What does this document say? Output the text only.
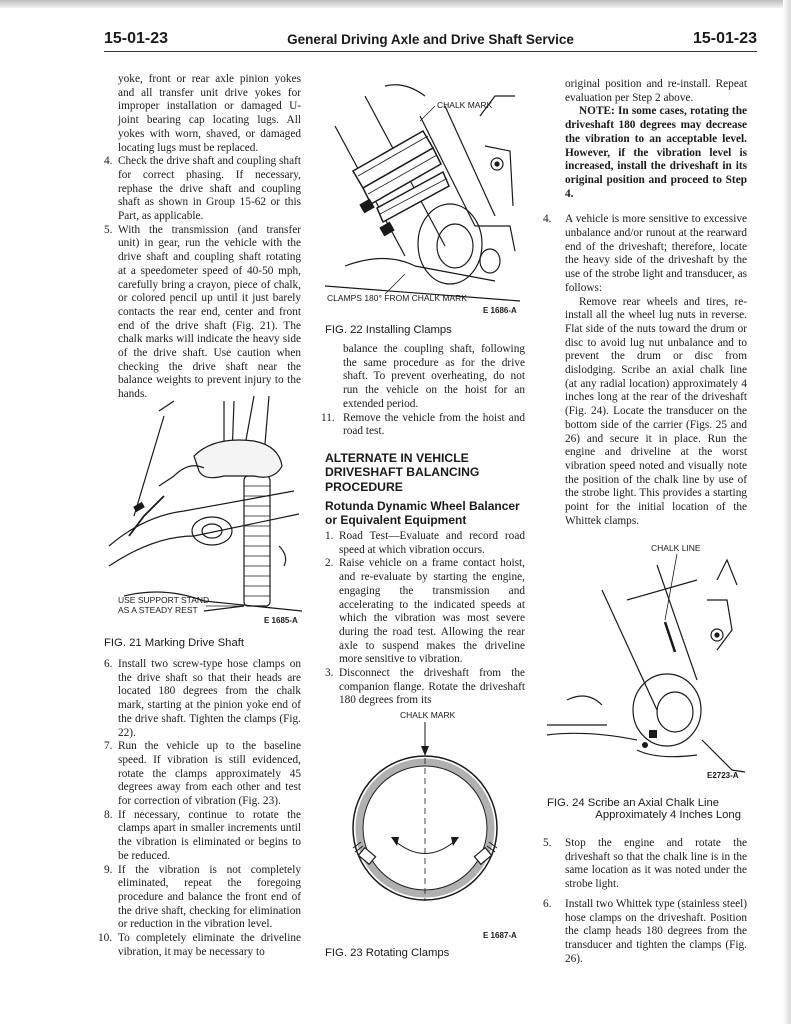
15-01-23	General Driving Axle and Drive Shaft Service	15-01-23

yoke, front or rear axle pinion yokes and all transfer unit drive yokes for improper installation or damaged U-joint bearing cap locating lugs. All yokes with worn, shaved, or damaged locating lugs must be replaced.

4. Check the drive shaft and coupling shaft for correct phasing. If necessary, rephase the drive shaft and coupling shaft as shown in Group 15-62 or this Part, as applicable.
5. With the transmission (and transfer unit) in gear, run the vehicle with the drive shaft and coupling shaft rotating at a speedometer speed of 40-50 mph, carefully bring a crayon, piece of chalk, or colored pencil up until it just barely contacts the rear end, center and front end of the drive shaft (Fig. 21). The chalk marks will indicate the heavy side of the drive shaft. Use caution when checking the drive shaft near the balance weights to prevent injury to the hands.
USE SUPPORT STAND
AS A STEADY REST
E 1685-A
FIG. 21 Marking Drive Shaft
6. Install two screw-type hose clamps on the drive shaft so that their heads are located 180 degrees from the chalk mark, starting at the pinion yoke end of the drive shaft. Tighten the clamps (Fig. 22).
7. Run the vehicle up to the baseline speed. If vibration is still evidenced, rotate the clamps approximately 45 degrees away from each other and test for correction of vibration (Fig. 23).
8. If necessary, continue to rotate the clamps apart in smaller increments until the vibration is eliminated or begins to be reduced.
9. If the vibration is not completely eliminated, repeat the foregoing procedure and balance the front end of the drive shaft, checking for elimination or reduction in the vibration level.
10. To completely eliminate the driveline vibration, it may be necessary to
CHALK MARK
CLAMPS 180° FROM CHALK MARK
E 1686-A
FIG. 22 Installing Clamps

balance the coupling shaft, following the same procedure as for the drive shaft. To prevent overheating, do not run the vehicle on the hoist for an extended period.

11. Remove the vehicle from the hoist and road test.
ALTERNATE IN VEHICLE DRIVESHAFT BALANCING PROCEDURE
Rotunda Dynamic Wheel Balancer or Equivalent Equipment
1. Road Test—Evaluate and record road speed at which vibration occurs.
2. Raise vehicle on a frame contact hoist, and re-evaluate by starting the engine, engaging the transmission and accelerating to the indicated speeds at which the vibration was most severe during the road test. Allowing the rear axle to suspend makes the driveline more sensitive to vibration.
3. Disconnect the driveshaft from the companion flange. Rotate the driveshaft 180 degrees from its
CHALK MARK
E 1687-A
FIG. 23 Rotating Clamps

original position and re-install. Repeat evaluation per Step 2 above.

NOTE: In some cases, rotating the driveshaft 180 degrees may decrease the vibration to an acceptable level. However, if the vibration level is increased, install the driveshaft in its original position and proceed to Step 4.

4. A vehicle is more sensitive to excessive unbalance and/or runout at the rearward end of the driveshaft; therefore, locate the heavy side of the driveshaft by the use of the strobe light and transducer, as follows:

Remove rear wheels and tires, re-install all the wheel lug nuts in reverse. Flat side of the nuts toward the drum or disc to avoid lug nut unbalance and to prevent the drum or disc from dislodging. Scribe an axial chalk line (at any radial location) approximately 4 inches long at the rear of the driveshaft (Fig. 24). Locate the transducer on the bottom side of the carrier (Figs. 25 and 26) and secure it in place. Run the engine and driveline at the worst vibration speed noted and visually note the position of the chalk line by use of the strobe light. This provides a starting point for the initial location of the Whittek clamps.

CHALK LINE
E2723-A
FIG. 24 Scribe an Axial Chalk Line
Approximately 4 Inches Long
5. Stop the engine and rotate the driveshaft so that the chalk line is in the same location as it was noted under the strobe light.
6. Install two Whittek type (stainless steel) hose clamps on the driveshaft. Position the clamp heads 180 degrees from the transducer and tighten the clamps (Fig. 26).
